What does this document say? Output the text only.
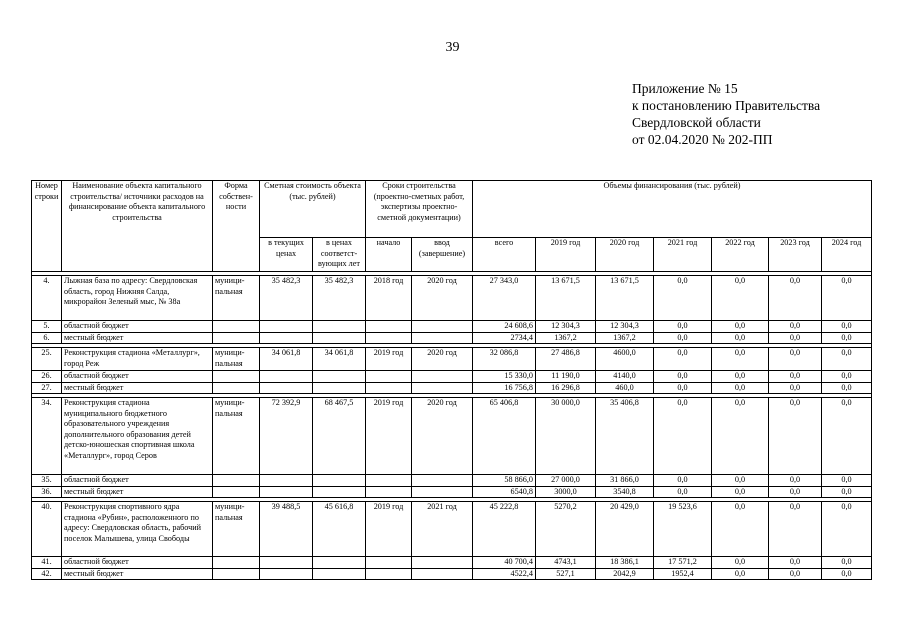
39
Приложение № 15
к постановлению Правительства
Свердловской области
от 02.04.2020 № 202-ПП
Номер строки	Наименование объекта капитального строительства/ источники расходов на финансирование объекта капитального строительства	Форма собствен-ности	Сметная стоимость объекта (тыс. рублей)		Сроки строительства (проектно-сметных работ, экспертизы проектно-сметной документации)		Объемы финансирования (тыс. рублей)						
			в текущих ценах	в ценах соответст-вующих лет	начало	ввод (завершение)	всего	2019 год	2020 год	2021 год	2022 год	2023 год	2024 год

4.	Лыжная база по адресу: Свердловская область, город Нижняя Салда, микрорайон Зеленый мыс, № 38а	муници-пальная	35 482,3	35 482,3	2018 год	2020 год	27 343,0	13 671,5	13 671,5	0,0	0,0	0,0	0,0
5.	областной бюджет						24 608,6	12 304,3	12 304,3	0,0	0,0	0,0	0,0
6.	местный бюджет						2734,4	1367,2	1367,2	0,0	0,0	0,0	0,0

25.	Реконструкция стадиона «Металлург», город Реж	муници-пальная	34 061,8	34 061,8	2019 год	2020 год	32 086,8	27 486,8	4600,0	0,0	0,0	0,0	0,0
26.	областной бюджет						15 330,0	11 190,0	4140,0	0,0	0,0	0,0	0,0
27.	местный бюджет						16 756,8	16 296,8	460,0	0,0	0,0	0,0	0,0

34.	Реконструкция стадиона муниципального бюджетного образовательного учреждения дополнительного образования детей детско-юношеская спортивная школа «Металлург», город Серов	муници-пальная	72 392,9	68 467,5	2019 год	2020 год	65 406,8	30 000,0	35 406,8	0,0	0,0	0,0	0,0
35.	областной бюджет						58 866,0	27 000,0	31 866,0	0,0	0,0	0,0	0,0
36.	местный бюджет						6540,8	3000,0	3540,8	0,0	0,0	0,0	0,0

40.	Реконструкция спортивного ядра стадиона «Рубин», расположенного по адресу: Свердловская область, рабочий поселок Малышева, улица Свободы	муници-пальная	39 488,5	45 616,8	2019 год	2021 год	45 222,8	5270,2	20 429,0	19 523,6	0,0	0,0	0,0
41.	областной бюджет						40 700,4	4743,1	18 386,1	17 571,2	0,0	0,0	0,0
42.	местный бюджет						4522,4	527,1	2042,9	1952,4	0,0	0,0	0,0
